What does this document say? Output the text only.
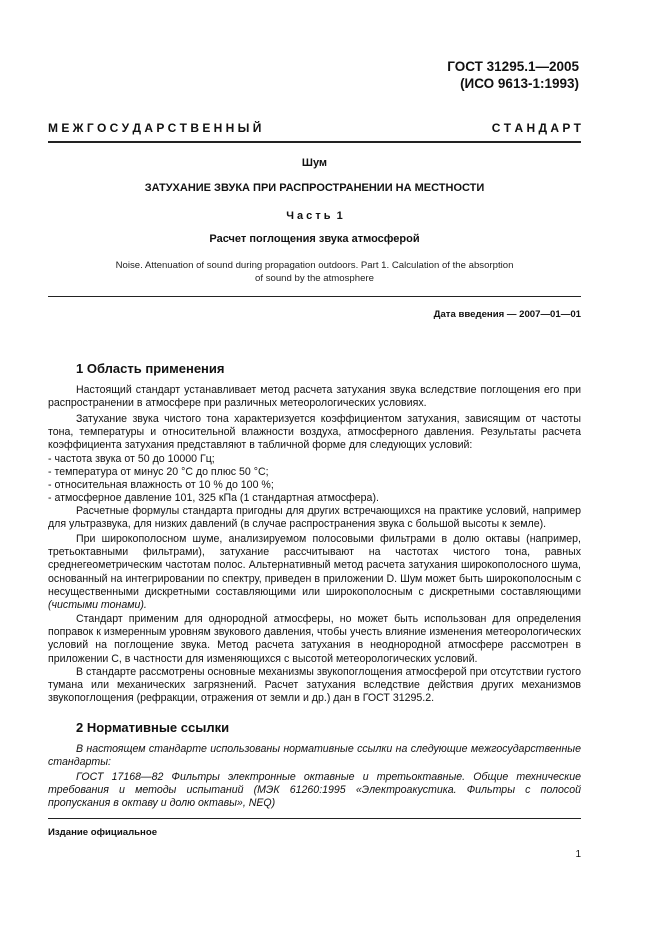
ГОСТ 31295.1—2005
(ИСО 9613-1:1993)
М Е Ж Г О С У Д А Р С Т В Е Н Н Ы Й	С Т А Н Д А Р Т
Шум
ЗАТУХАНИЕ ЗВУКА ПРИ РАСПРОСТРАНЕНИИ НА МЕСТНОСТИ
Ч а с т ь  1
Расчет поглощения звука атмосферой
Noise. Attenuation of sound during propagation outdoors. Part 1. Calculation of the absorption
of sound by the atmosphere
Дата введения — 2007—01—01
1 Область применения

Настоящий стандарт устанавливает метод расчета затухания звука вследствие поглощения его при распространении в атмосфере при различных метеорологических условиях.

Затухание звука чистого тона характеризуется коэффициентом затухания, зависящим от частоты тона, температуры и относительной влажности воздуха, атмосферного давления. Результаты расчета коэффициента затухания представляют в табличной форме для следующих условий:

- частота звука от 50 до 10000 Гц;
- температура от минус 20 °С до плюс 50 °С;
- относительная влажность от 10 % до 100 %;
- атмосферное давление 101, 325 кПа (1 стандартная атмосфера).

Расчетные формулы стандарта пригодны для других встречающихся на практике условий, например для ультразвука, для низких давлений (в случае распространения звука с большой высоты к земле).

При широкополосном шуме, анализируемом полосовыми фильтрами в долю октавы (например, третьоктавными фильтрами), затухание рассчитывают на частотах чистого тона, равных среднегеометрическим частотам полос. Альтернативный метод расчета затухания широкополосного шума, основанный на интегрировании по спектру, приведен в приложении D. Шум может быть широкополосным с несущественными дискретными составляющими или широкополосным с дискретными составляющими (чистыми тонами).

Стандарт применим для однородной атмосферы, но может быть использован для определения поправок к измеренным уровням звукового давления, чтобы учесть влияние изменения метеорологических условий на поглощение звука. Метод расчета затухания в неоднородной атмосфере рассмотрен в приложении С, в частности для изменяющихся с высотой метеорологических условий.

В стандарте рассмотрены основные механизмы звукопоглощения атмосферой при отсутствии густого тумана или механических загрязнений. Расчет затухания вследствие действия других механизмов звукопоглощения (рефракции, отражения от земли и др.) дан в ГОСТ 31295.2.

2 Нормативные ссылки

В настоящем стандарте использованы нормативные ссылки на следующие межгосударственные стандарты:

ГОСТ 17168—82 Фильтры электронные октавные и третьоктавные. Общие технические требования и методы испытаний (МЭК 61260:1995 «Электроакустика. Фильтры с полосой пропускания в октаву и долю октавы», NEQ)

Издание официальное
1
